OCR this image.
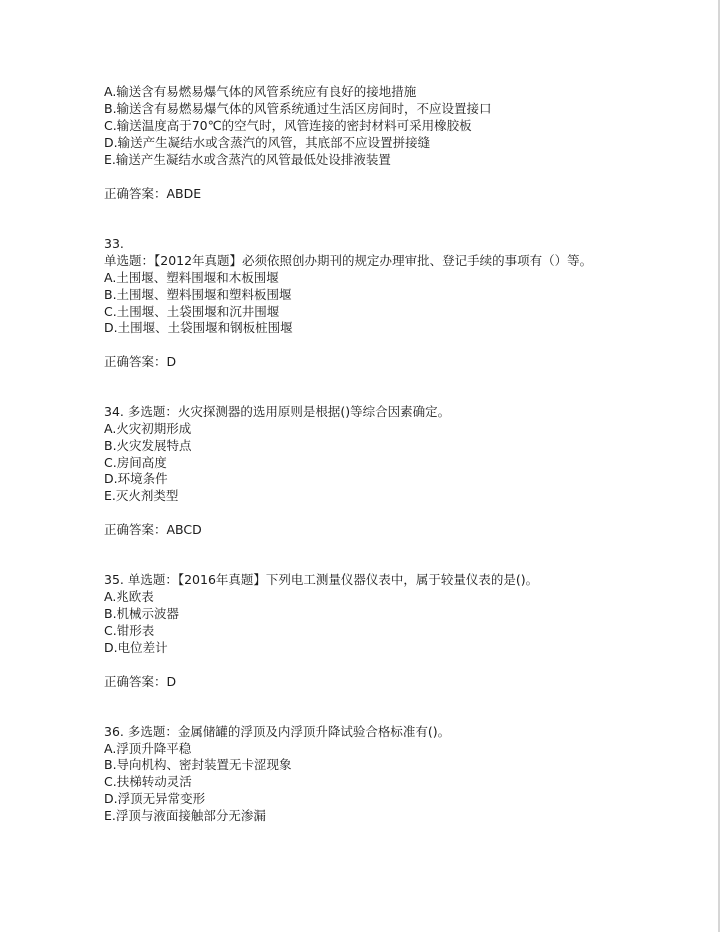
A.输送含有易燃易爆气体的风管系统应有良好的接地措施
B.输送含有易燃易爆气体的风管系统通过生活区房间时，不应设置接口
C.输送温度高于70℃的空气时，风管连接的密封材料可采用橡胶板
D.输送产生凝结水或含蒸汽的风管，其底部不应设置拼接缝
E.输送产生凝结水或含蒸汽的风管最低处设排液装置
正确答案：ABDE
33.
单选题：【2012年真题】必须依照创办期刊的规定办理审批、登记手续的事项有（）等。
A.土围堰、塑料围堰和木板围堰
B.土围堰、塑料围堰和塑料板围堰
C.土围堰、土袋围堰和沉井围堰
D.土围堰、土袋围堰和钢板桩围堰
正确答案：D
34. 多选题：火灾探测器的选用原则是根据()等综合因素确定。
A.火灾初期形成
B.火灾发展特点
C.房间高度
D.环境条件
E.灭火剂类型
正确答案：ABCD
35. 单选题：【2016年真题】下列电工测量仪器仪表中，属于较量仪表的是()。
A.兆欧表
B.机械示波器
C.钳形表
D.电位差计
正确答案：D
36. 多选题：金属储罐的浮顶及内浮顶升降试验合格标准有()。
A.浮顶升降平稳
B.导向机构、密封装置无卡涩现象
C.扶梯转动灵活
D.浮顶无异常变形
E.浮顶与液面接触部分无渗漏
